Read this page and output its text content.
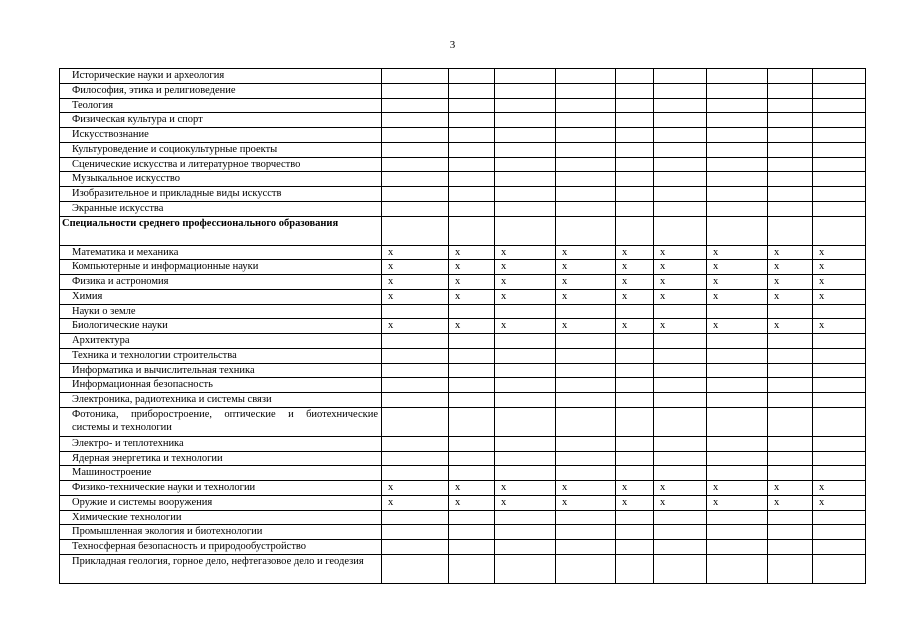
3
Исторические науки и археология									
Философия, этика и религиоведение									
Теология									
Физическая культура и спорт									
Искусствознание									
Культуроведение и социокультурные проекты									
Сценические искусства и литературное творчество									
Музыкальное искусство									
Изобразительное и прикладные виды искусств									
Экранные искусства									
Специальности среднего профессионального образования									
Математика и механика	x	x	x	x	x	x	x	x	x
Компьютерные и информационные науки	x	x	x	x	x	x	x	x	x
Физика и астрономия	x	x	x	x	x	x	x	x	x
Химия	x	x	x	x	x	x	x	x	x
Науки о земле									
Биологические науки	x	x	x	x	x	x	x	x	x
Архитектура									
Техника и технологии строительства									
Информатика и вычислительная техника									
Информационная безопасность									
Электроника, радиотехника и системы связи									
Фотоника, приборостроение, оптические и биотехнические системы и технологии									
Электро- и теплотехника									
Ядерная энергетика и технологии									
Машиностроение									
Физико-технические науки и технологии	x	x	x	x	x	x	x	x	x
Оружие и системы вооружения	x	x	x	x	x	x	x	x	x
Химические технологии									
Промышленная экология и биотехнологии									
Техносферная безопасность и природообустройство									
Прикладная геология, горное дело, нефтегазовое дело и геодезия									
